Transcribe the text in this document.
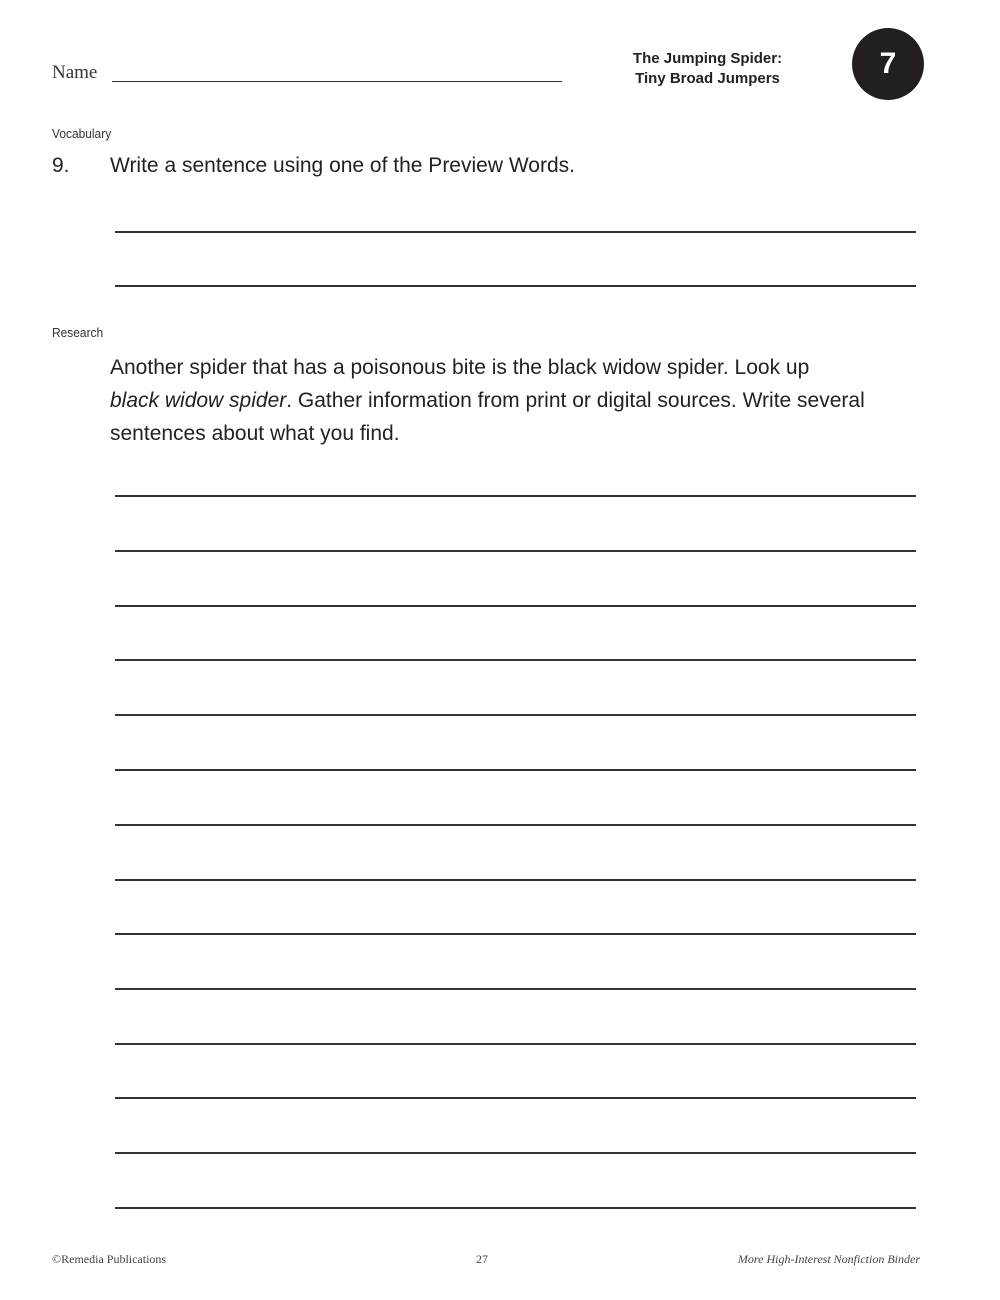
Name
The Jumping Spider:
Tiny Broad Jumpers	7
Vocabulary
9. Write a sentence using one of the Preview Words.
Research
Another spider that has a poisonous bite is the black widow spider. Look up
black widow spider. Gather information from print or digital sources. Write several sentences about what you find.
©Remedia Publications	27	More High-Interest Nonfiction Binder
